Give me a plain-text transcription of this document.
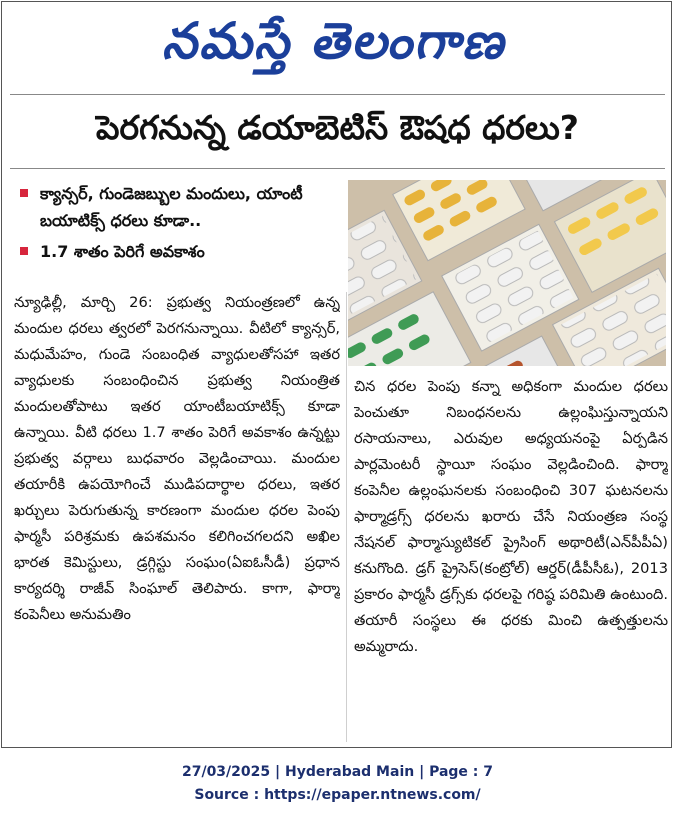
నమస్తే తెలంగాణ
పెరగనున్న డయాబెటిస్ ఔషధ ధరలు?
క్యాన్సర్, గుండెజబ్బుల మందులు, యాంటీ బయాటిక్స్ ధరలు కూడా..
1.7 శాతం పెరిగే అవకాశం
న్యూఢిల్లీ, మార్చి 26: ప్రభుత్వ నియంత్రణలో ఉన్న మందుల ధరలు త్వరలో పెరగనున్నాయి. వీటిలో క్యాన్సర్, మధుమేహం, గుండె సంబంధిత వ్యాధులతోసహా ఇతర వ్యాధులకు సంబంధించిన ప్రభుత్వ నియంత్రిత మందులతోపాటు ఇతర యాంటీబయాటిక్స్ కూడా ఉన్నాయి. వీటి ధరలు 1.7 శాతం పెరిగే అవకాశం ఉన్నట్టు ప్రభుత్వ వర్గాలు బుధవారం వెల్లడించాయి. మందుల తయారీకి ఉపయోగించే ముడిపదార్థాల ధరలు, ఇతర ఖర్చులు పెరుగుతున్న కారణంగా మందుల ధరల పెంపు ఫార్మసీ పరిశ్రమకు ఉపశమనం కలిగించగలదని అఖిల భారత కెమిస్టులు, డ్రగ్గిస్టు సంఘం(ఏఐఓసీడీ) ప్రధాన కార్యదర్శి రాజీవ్ సింఘాల్ తెలిపారు. కాగా, ఫార్మా కంపెనీలు అనుమతిం
చిన ధరల పెంపు కన్నా అధికంగా మందుల ధరలు పెంచుతూ నిబంధనలను ఉల్లంఘిస్తున్నాయని రసాయనాలు, ఎరువుల అధ్యయనంపై ఏర్పడిన పార్లమెంటరీ స్థాయీ సంఘం వెల్లడించింది. ఫార్మా కంపెనీల ఉల్లంఘనలకు సంబంధించి 307 ఘటనలను ఫార్మాడ్రగ్స్ ధరలను ఖరారు చేసే నియంత్రణ సంస్థ నేషనల్ ఫార్మాస్యుటికల్ ప్రైసింగ్ అథారిటీ(ఎన్‌పీపీఏ) కనుగొంది. డ్రగ్ ప్రైసెస్(కంట్రోల్) ఆర్డర్(డీపీసీఓ), 2013 ప్రకారం ఫార్మసీ డ్రగ్స్‌కు ధరలపై గరిష్ఠ పరిమితి ఉంటుంది. తయారీ సంస్థలు ఈ ధరకు మించి ఉత్పత్తులను అమ్మరాదు.
27/03/2025 | Hyderabad Main | Page : 7
Source : https://epaper.ntnews.com/
